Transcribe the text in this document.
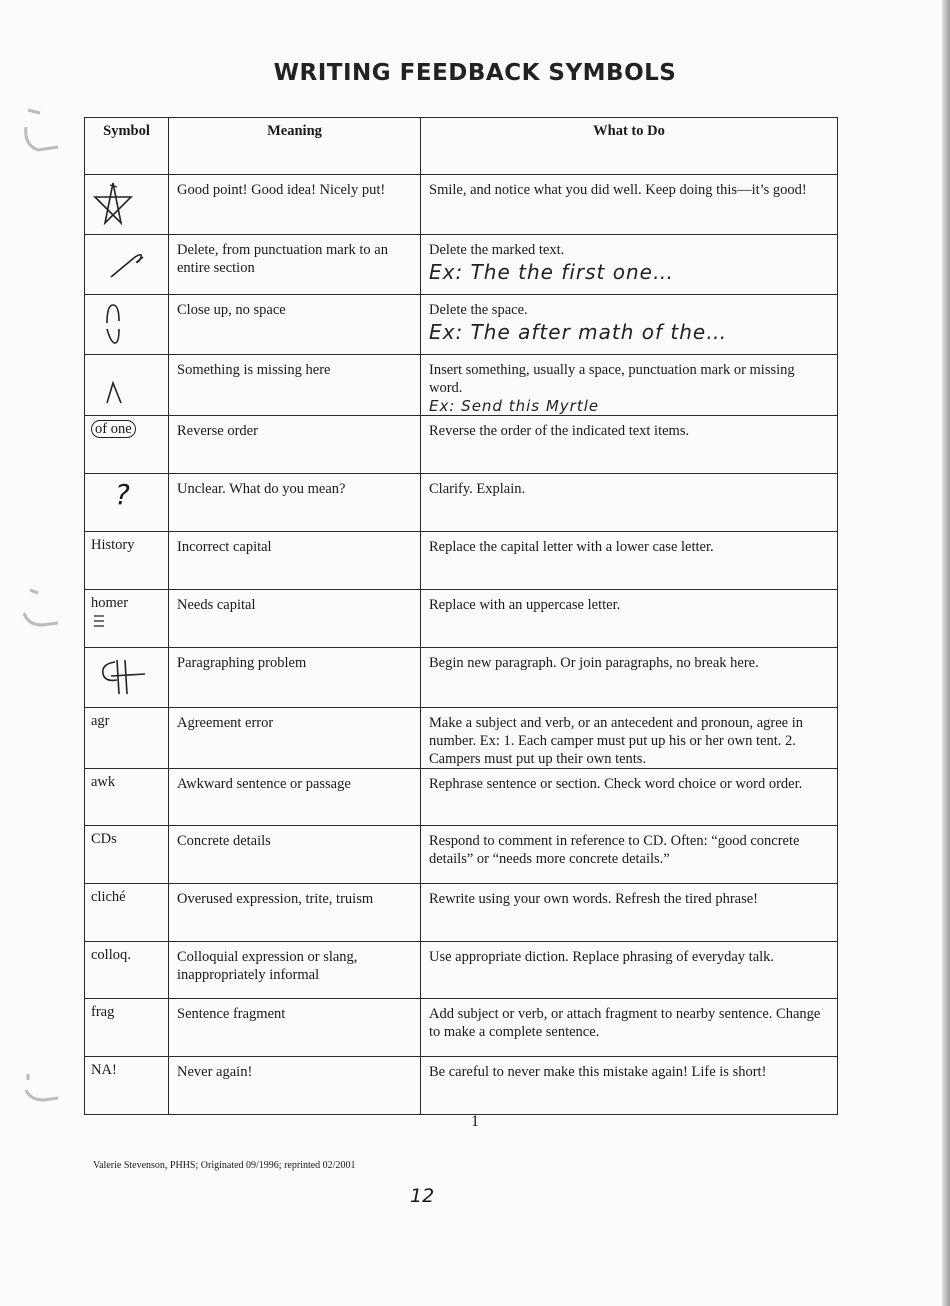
WRITING FEEDBACK SYMBOLS
Symbol	Meaning	What to Do
	Good point! Good idea! Nicely put!	Smile, and notice what you did well. Keep doing this—it’s good!
	Delete, from punctuation mark to an entire section	Delete the marked text.
Ex: The the first one…

	Close up, no space	Delete the space.
Ex: The after math of the…

	Something is missing here	Insert something, usually a space, punctuation mark or missing word.
Ex: Send this Myrtle

of one	Reverse order	Reverse the order of the indicated text items.

?	Unclear. What do you mean?	Clarify. Explain.
History	Incorrect capital	Replace the capital letter with a lower case letter.
homer	Needs capital	Replace with an uppercase letter.
	Paragraphing problem	Begin new paragraph. Or join paragraphs, no break here.
agr	Agreement error	Make a subject and verb, or an antecedent and pronoun, agree in number. Ex: 1. Each camper must put up his or her own tent. 2. Campers must put up their own tents.
awk	Awkward sentence or passage	Rephrase sentence or section. Check word choice or word order.
CDs	Concrete details	Respond to comment in reference to CD. Often: “good concrete details” or “needs more concrete details.”
cliché	Overused expression, trite, truism	Rewrite using your own words. Refresh the tired phrase!
colloq.	Colloquial expression or slang, inappropriately informal	Use appropriate diction. Replace phrasing of everyday talk.
frag	Sentence fragment	Add subject or verb, or attach fragment to nearby sentence. Change to make a complete sentence.
NA!	Never again!	Be careful to never make this mistake again! Life is short!
1
Valerie Stevenson, PHHS; Originated 09/1996; reprinted 02/2001
12
